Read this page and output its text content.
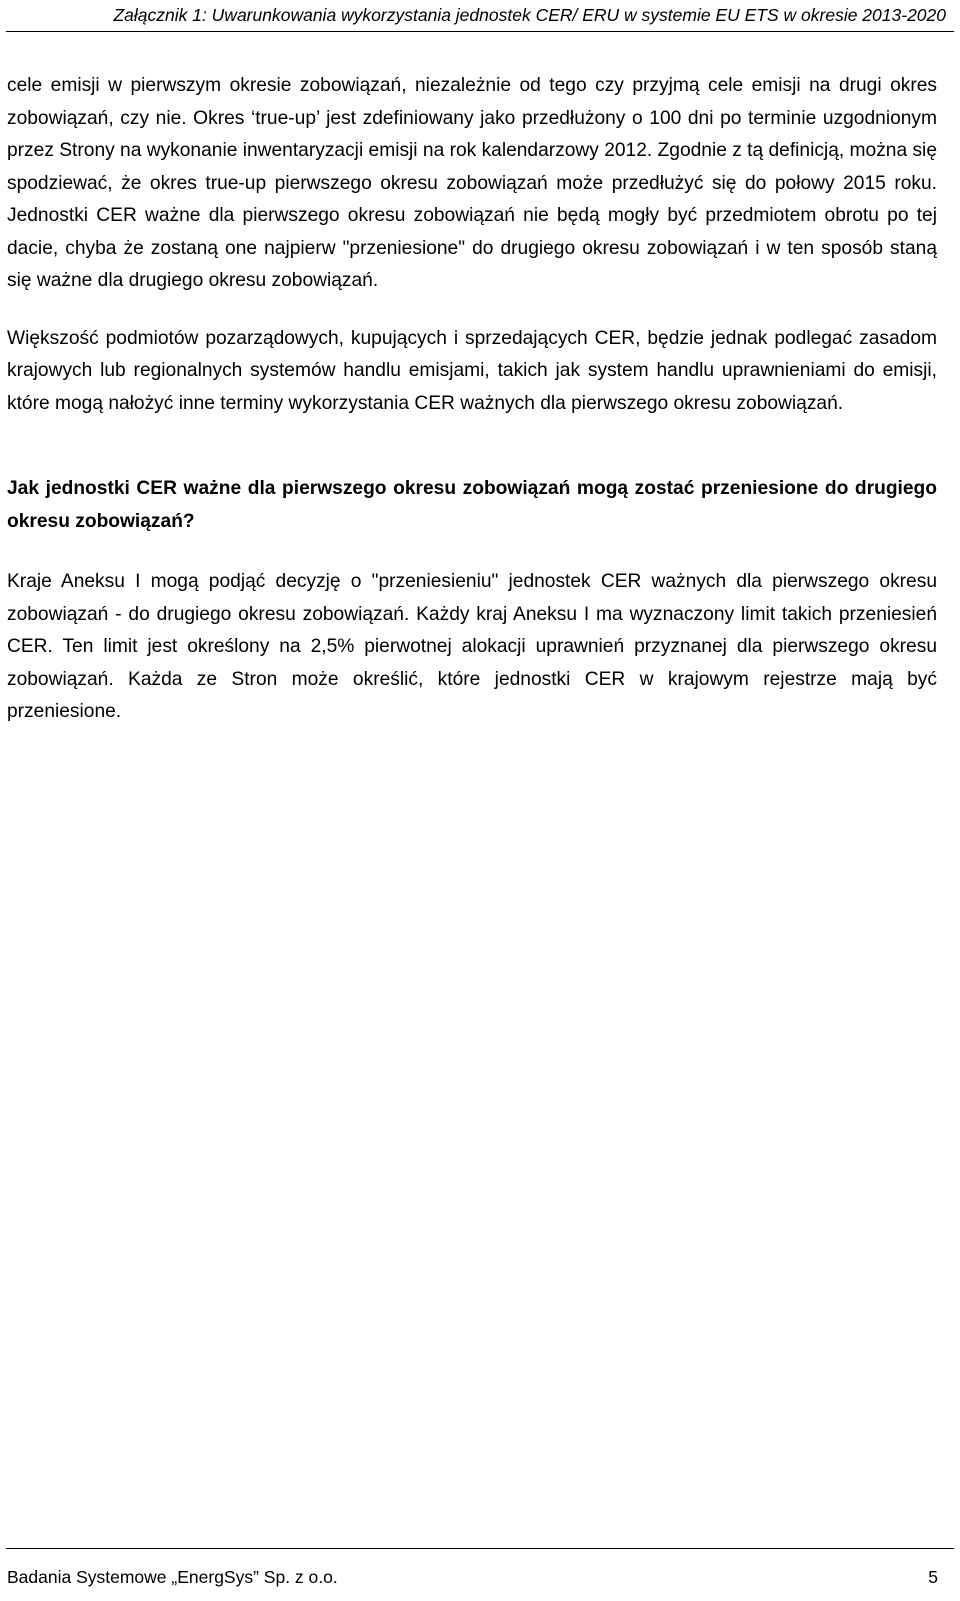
Załącznik 1: Uwarunkowania wykorzystania jednostek CER/ ERU w systemie EU ETS w okresie 2013-2020

cele emisji w pierwszym okresie zobowiązań, niezależnie od tego czy przyjmą cele emisji na drugi okres zobowiązań, czy nie. Okres ‘true-up’ jest zdefiniowany jako przedłużony o 100 dni po terminie uzgodnionym przez Strony na wykonanie inwentaryzacji emisji na rok kalendarzowy 2012. Zgodnie z tą definicją, można się spodziewać, że okres true-up pierwszego okresu zobowiązań może przedłużyć się do połowy 2015 roku. Jednostki CER ważne dla pierwszego okresu zobowiązań nie będą mogły być przedmiotem obrotu po tej dacie, chyba że zostaną one najpierw "przeniesione" do drugiego okresu zobowiązań i w ten sposób staną się ważne dla drugiego okresu zobowiązań.

Większość podmiotów pozarządowych, kupujących i sprzedających CER, będzie jednak podlegać zasadom krajowych lub regionalnych systemów handlu emisjami, takich jak system handlu uprawnieniami do emisji, które mogą nałożyć inne terminy wykorzystania CER ważnych dla pierwszego okresu zobowiązań.

Jak jednostki CER ważne dla pierwszego okresu zobowiązań mogą zostać przeniesione do drugiego okresu zobowiązań?

Kraje Aneksu I mogą podjąć decyzję o "przeniesieniu" jednostek CER ważnych dla pierwszego okresu zobowiązań - do drugiego okresu zobowiązań. Każdy kraj Aneksu I ma wyznaczony limit takich przeniesień CER. Ten limit jest określony na 2,5% pierwotnej alokacji uprawnień przyznanej dla pierwszego okresu zobowiązań. Każda ze Stron może określić, które jednostki CER w krajowym rejestrze mają być przeniesione.

Badania Systemowe „EnergSys” Sp. z o.o.	5
